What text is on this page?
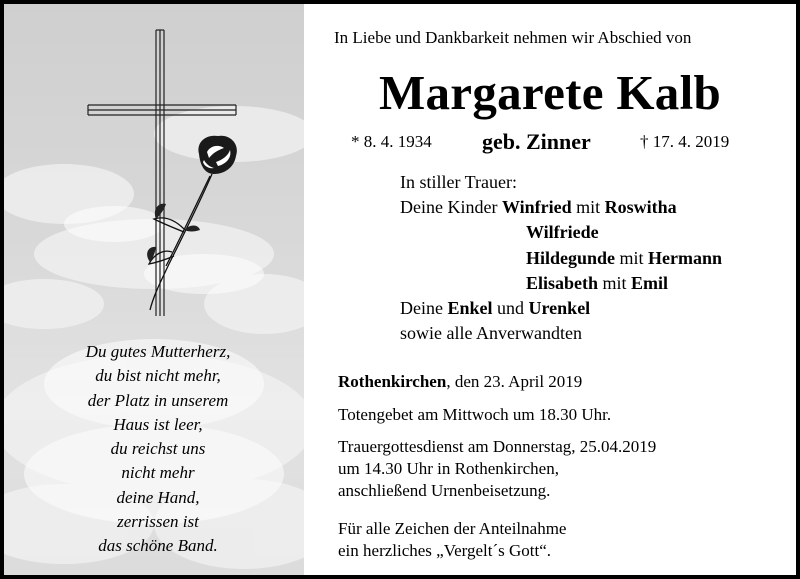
Du gutes Mutterherz,
du bist nicht mehr,
der Platz in unserem
Haus ist leer,
du reichst uns
nicht mehr
deine Hand,
zerrissen ist
das schöne Band.
In Liebe und Dankbarkeit nehmen wir Abschied von
Margarete Kalb
* 8. 4. 1934 geb. Zinner	† 17. 4. 2019
In stiller Trauer:
Deine Kinder Winfried mit Roswitha
Wilfriede
Hildegunde mit Hermann
Elisabeth mit Emil
Deine Enkel und Urenkel
sowie alle Anverwandten
Rothenkirchen, den 23. April 2019
Totengebet am Mittwoch um 18.30 Uhr.
Trauergottesdienst am Donnerstag, 25.04.2019
um 14.30 Uhr in Rothenkirchen,
anschließend Urnenbeisetzung.
Für alle Zeichen der Anteilnahme
ein herzliches „Vergelt´s Gott“.
